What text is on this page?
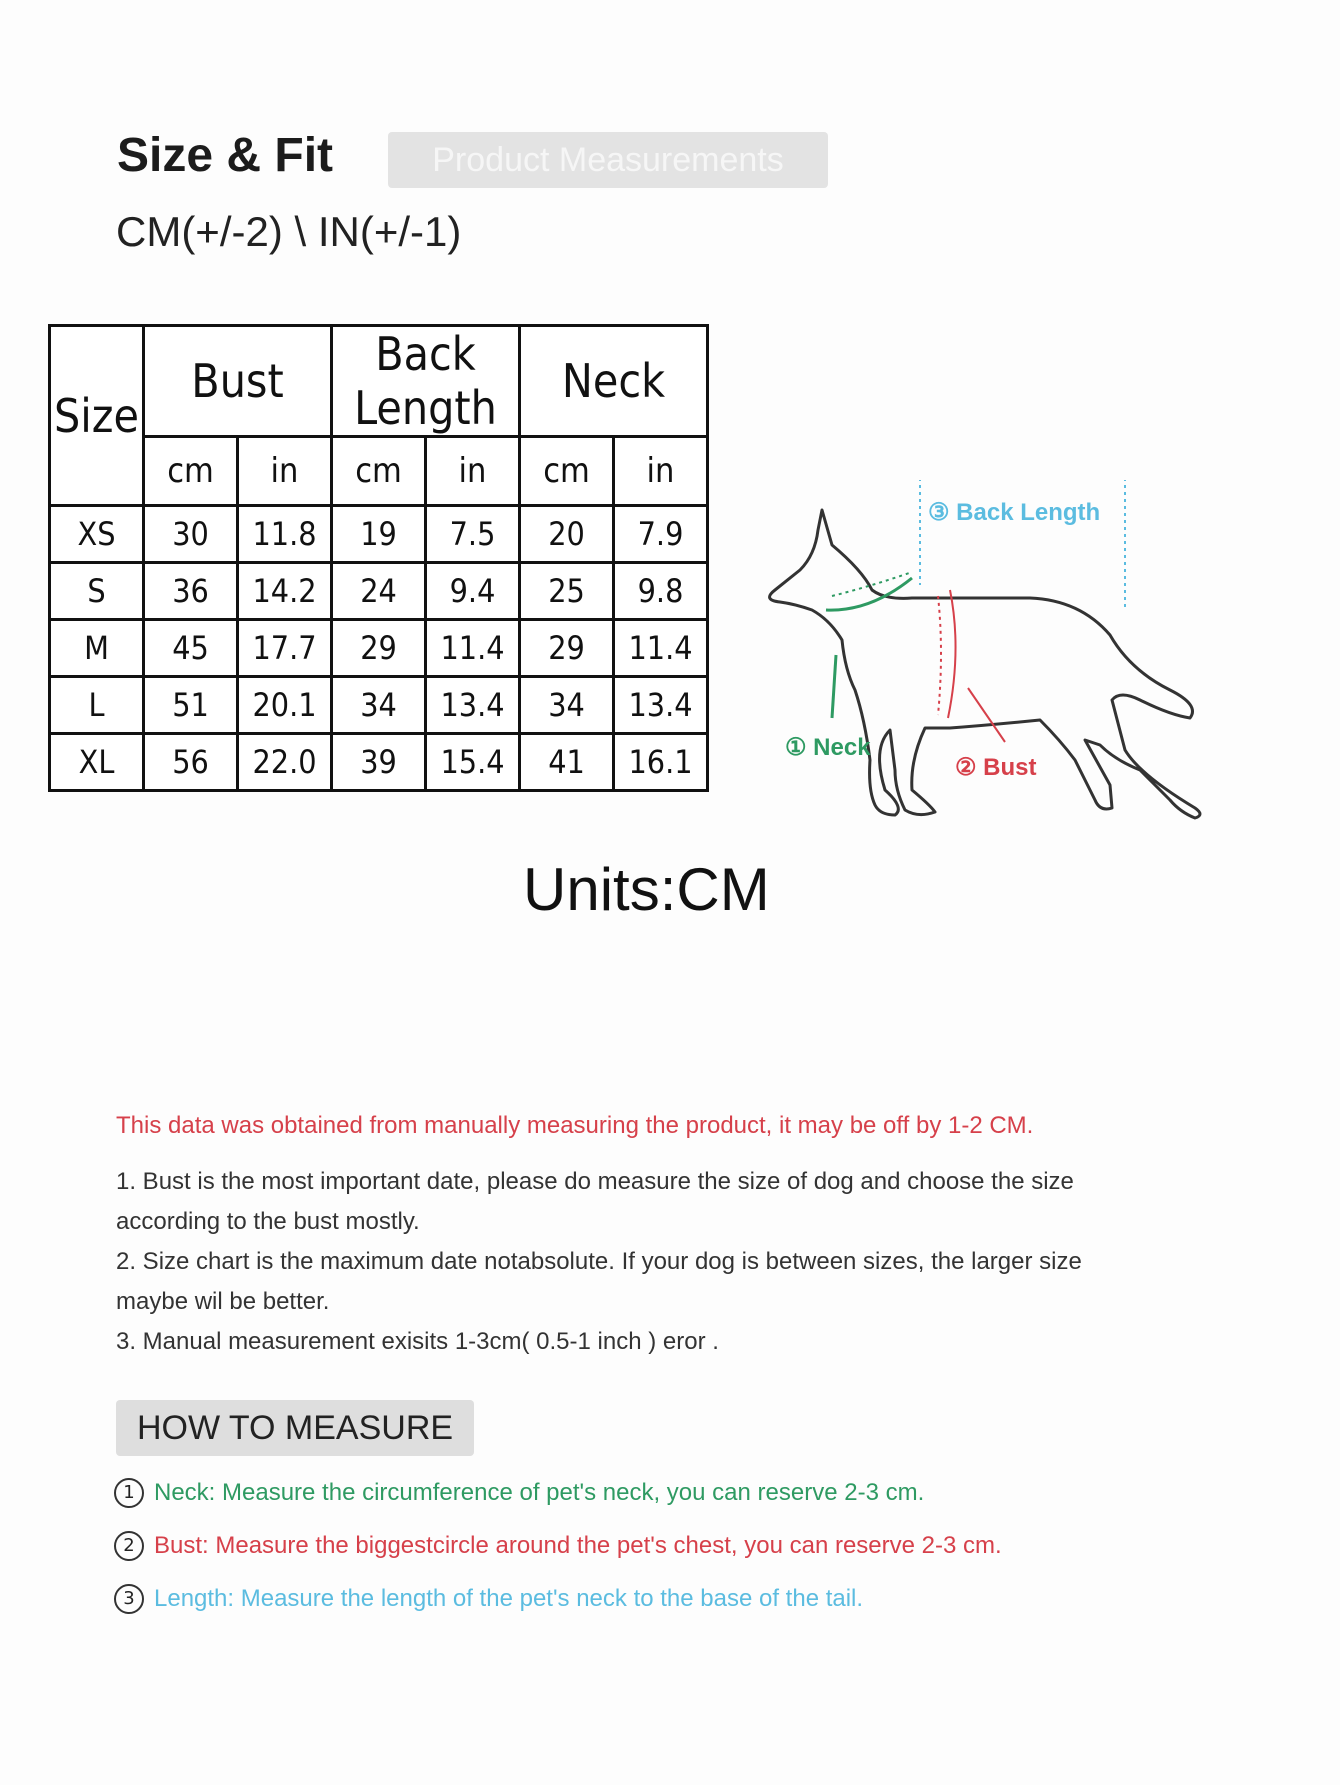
Size & Fit	Product Measurements
CM(+/-2) \ IN(+/-1)
Size	Bust		Back Length		Neck	
	cm	in	cm	in	cm	in
XS	30	11.8	19	7.5	20	7.9
S	36	14.2	24	9.4	25	9.8
M	45	17.7	29	11.4	29	11.4
L	51	20.1	34	13.4	34	13.4
XL	56	22.0	39	15.4	41	16.1	① Neck
② Bust
③ Back Length
Units:CM
This data was obtained from manually measuring the product, it may be off by 1-2 CM.
1. Bust is the most important date, please do measure the size of dog and choose the size according to the bust mostly.
2. Size chart is the maximum date notabsolute. If your dog is between sizes, the larger size maybe wil be better.
3. Manual measurement exisits 1-3cm( 0.5-1 inch ) eror .
HOW TO MEASURE
1 Neck: Measure the circumference of pet's neck, you can reserve 2-3 cm.
2 Bust: Measure the biggestcircle around the pet's chest, you can reserve 2-3 cm.
3 Length: Measure the length of the pet's neck to the base of the tail.
